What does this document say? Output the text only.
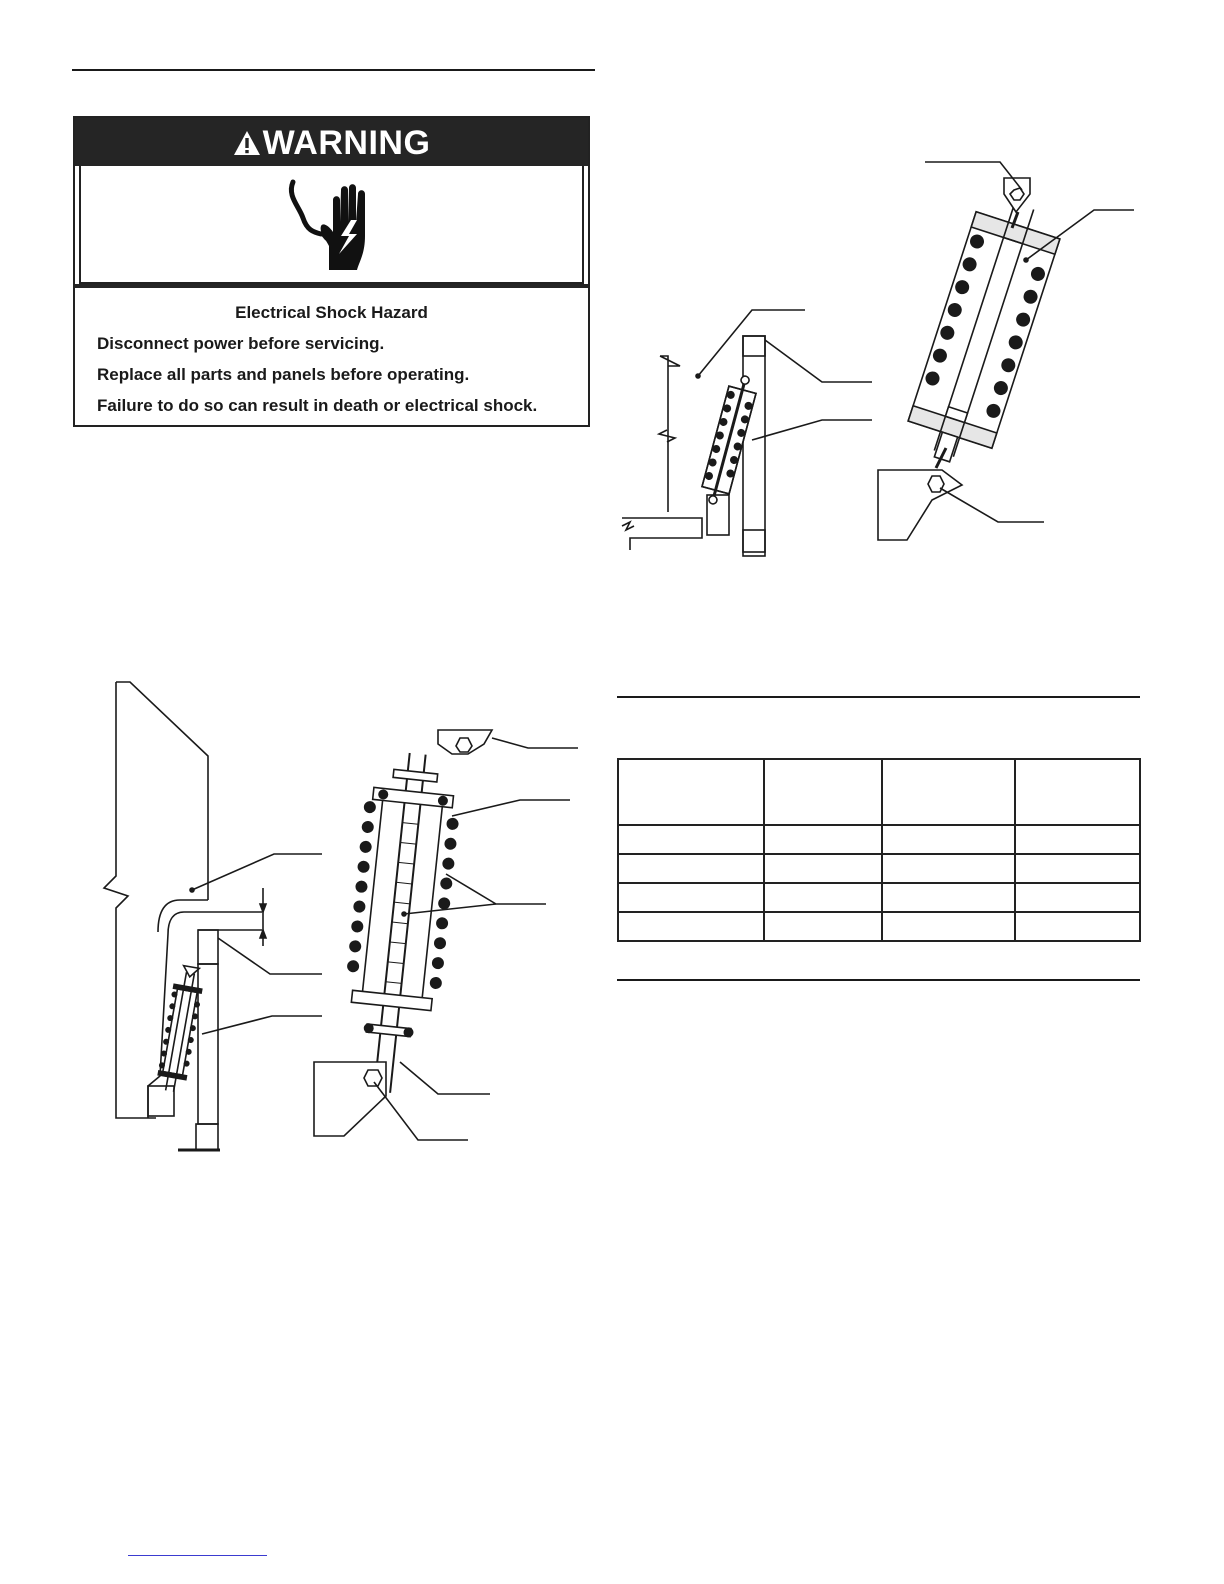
WARNING
Electrical Shock Hazard
Disconnect power before servicing.
Replace all parts and panels before operating.
Failure to do so can result in death or electrical shock.
